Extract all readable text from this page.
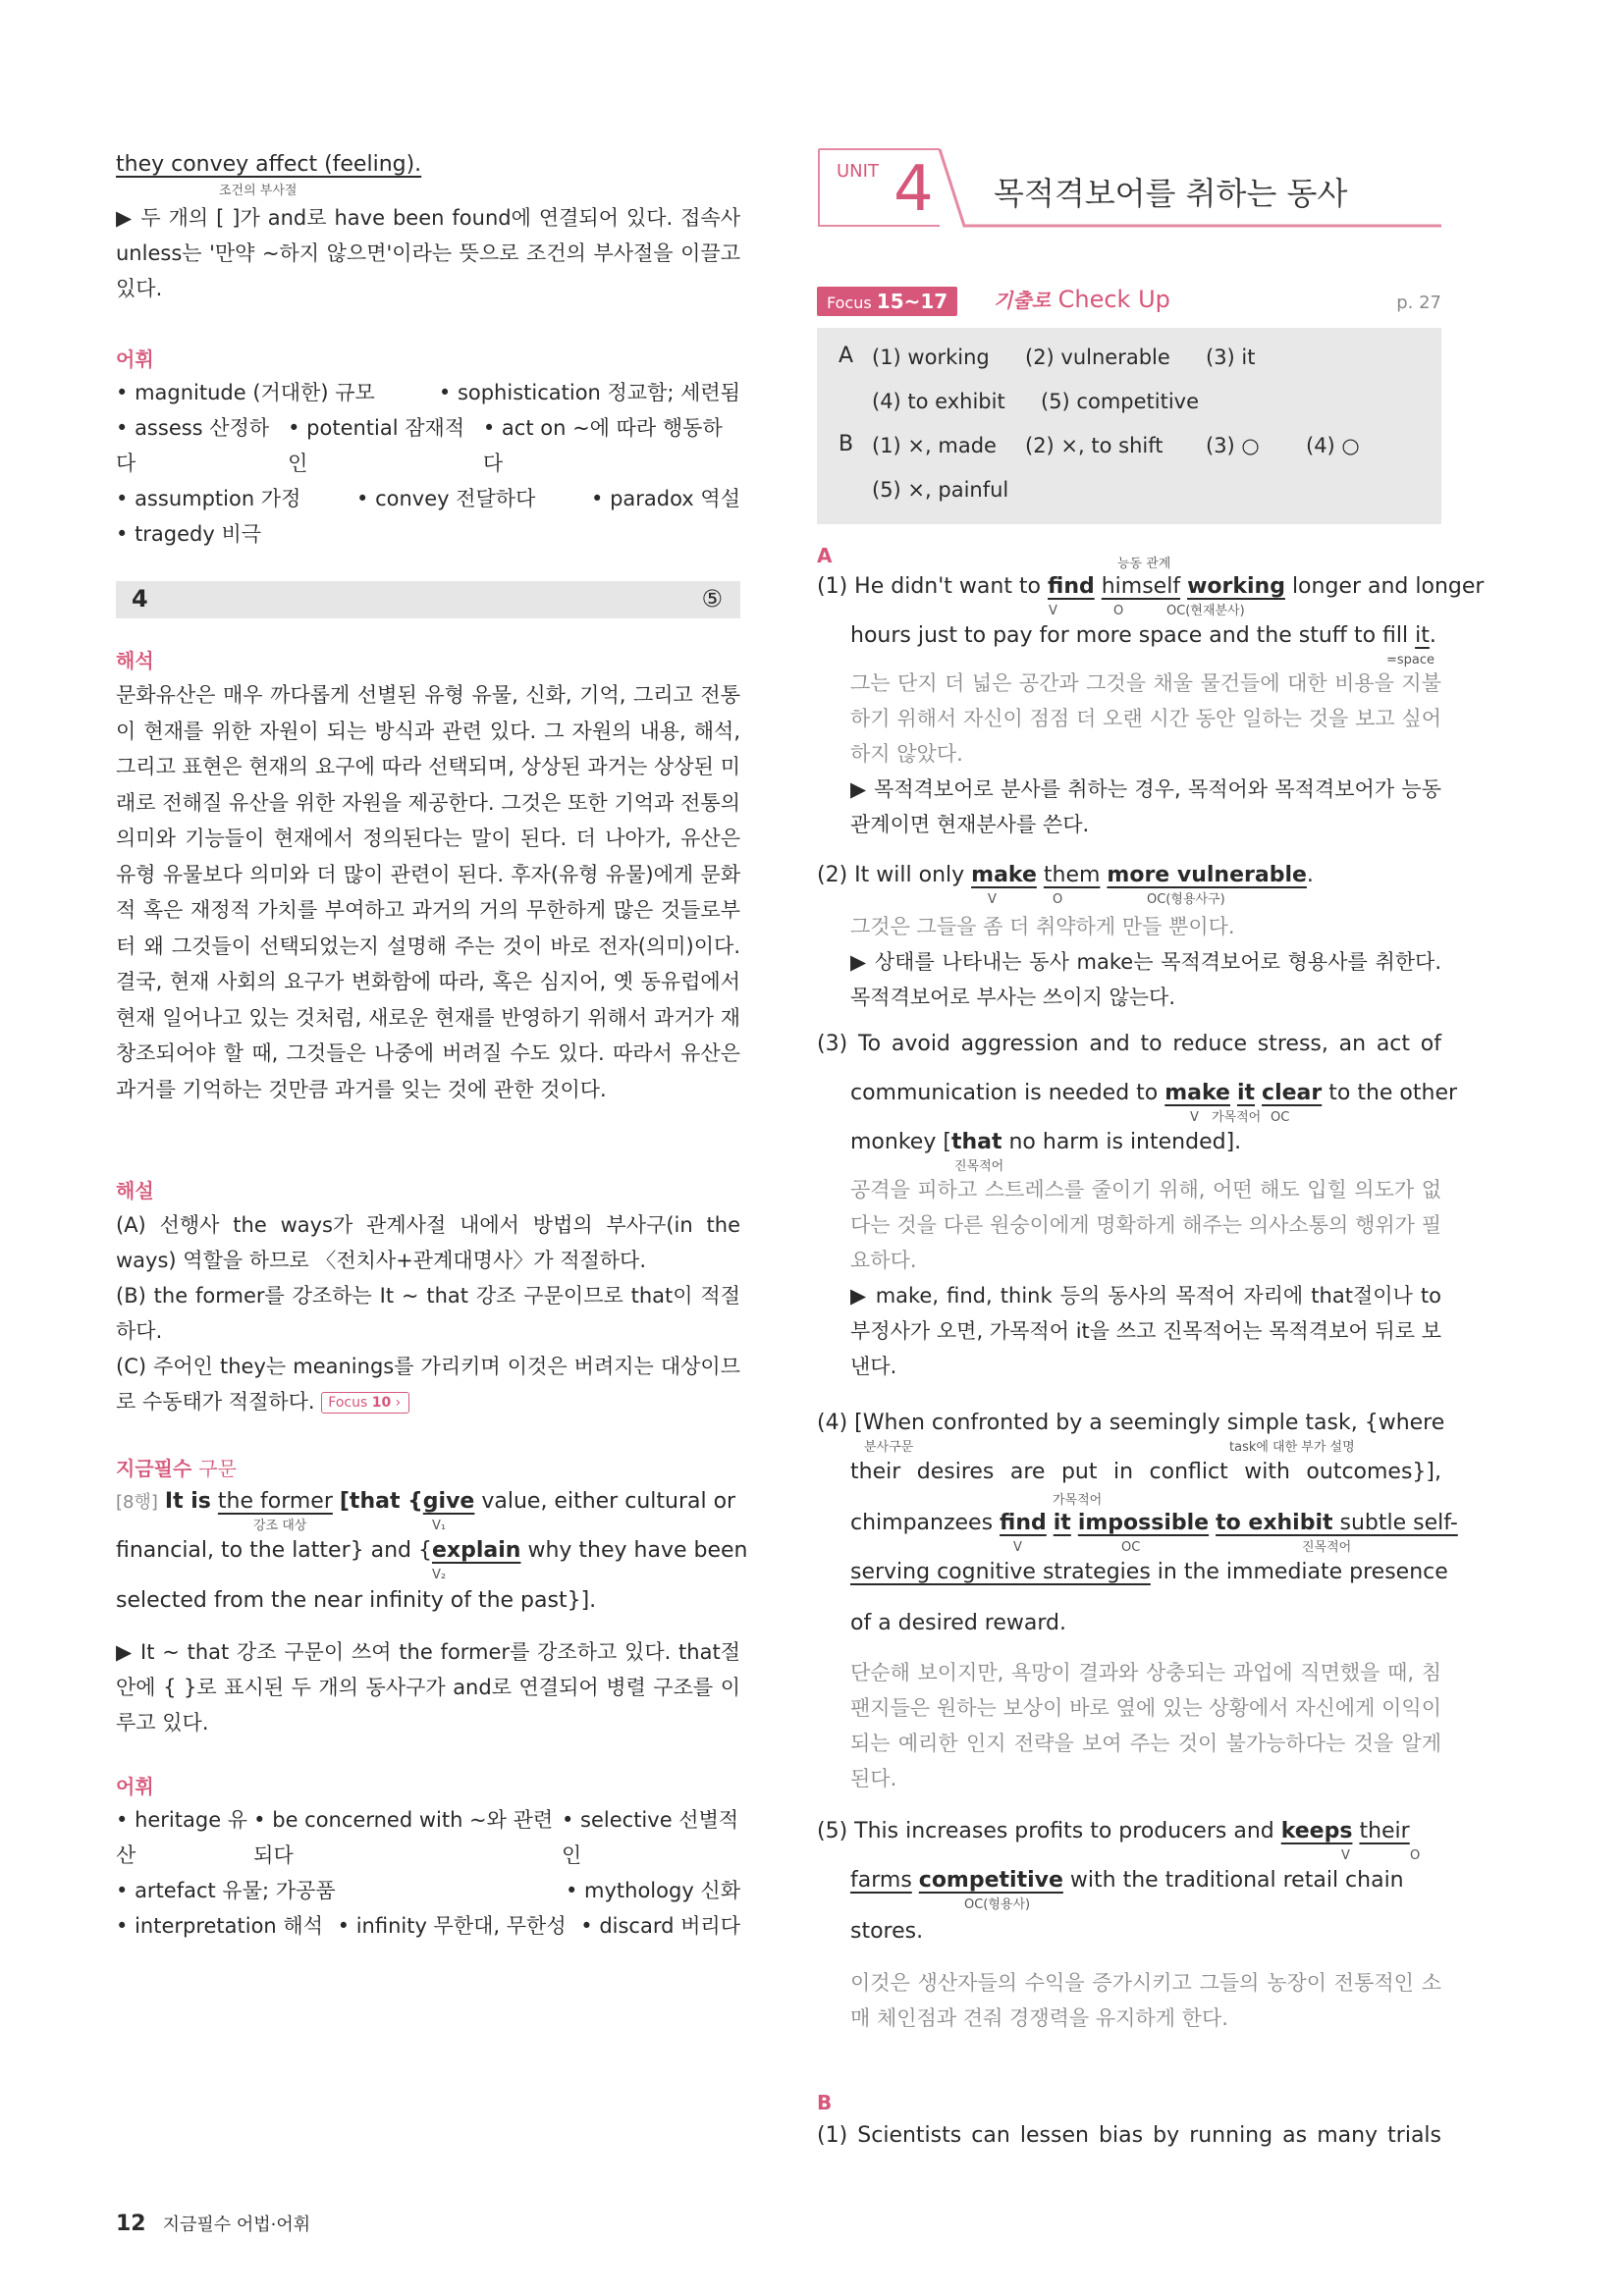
they convey affect (feeling).
조건의 부사절
▶ 두 개의 [ ]가 and로 have been found에 연결되어 있다. 접속사 unless는 '만약 ~하지 않으면'이라는 뜻으로 조건의 부사절을 이끌고 있다.
어휘
• magnitude (거대한) 규모	• sophistication 정교함; 세련됨
• assess 산정하다
• potential 잠재적인
• act on ~에 따라 행동하다
• assumption 가정	• convey 전달하다	• paradox 역설
• tragedy 비극
4	⑤
해석
문화유산은 매우 까다롭게 선별된 유형 유물, 신화, 기억, 그리고 전통이 현재를 위한 자원이 되는 방식과 관련 있다. 그 자원의 내용, 해석, 그리고 표현은 현재의 요구에 따라 선택되며, 상상된 과거는 상상된 미래로 전해질 유산을 위한 자원을 제공한다. 그것은 또한 기억과 전통의 의미와 기능들이 현재에서 정의된다는 말이 된다. 더 나아가, 유산은 유형 유물보다 의미와 더 많이 관련이 된다. 후자(유형 유물)에게 문화적 혹은 재정적 가치를 부여하고 과거의 거의 무한하게 많은 것들로부터 왜 그것들이 선택되었는지 설명해 주는 것이 바로 전자(의미)이다. 결국, 현재 사회의 요구가 변화함에 따라, 혹은 심지어, 옛 동유럽에서 현재 일어나고 있는 것처럼, 새로운 현재를 반영하기 위해서 과거가 재창조되어야 할 때, 그것들은 나중에 버려질 수도 있다. 따라서 유산은 과거를 기억하는 것만큼 과거를 잊는 것에 관한 것이다.
해설
(A) 선행사 the ways가 관계사절 내에서 방법의 부사구(in the ways) 역할을 하므로 〈전치사+관계대명사〉가 적절하다.
(B) the former를 강조하는 It ~ that 강조 구문이므로 that이 적절하다.
(C) 주어인 they는 meanings를 가리키며 이것은 버려지는 대상이므로 수동태가 적절하다. Focus 10 ›
지금필수 구문
[8행] It is the former [that {give value, either cultural or
강조 대상	V₁
financial, to the latter} and {explain why they have been
V₂
selected from the near infinity of the past}].
▶ It ~ that 강조 구문이 쓰여 the former를 강조하고 있다. that절 안에 { }로 표시된 두 개의 동사구가 and로 연결되어 병렬 구조를 이루고 있다.
어휘
• heritage 유산
• be concerned with ~와 관련되다
• selective 선별적인
• artefact 유물; 가공품	• mythology 신화
• interpretation 해석 • infinity 무한대, 무한성 • discard 버리다
UNIT 4 목적격보어를 취하는 동사
Focus 15~17	기출로 Check Up	p. 27
A (1) working (2) vulnerable (3) it
(4) to exhibit (5) competitive
B (1) ×, made (2) ×, to shift (3) ○ (4) ○
(5) ×, painful
A	능동 관계
(1) He didn't want to find himself working longer and longer
V	O	OC(현재분사)
hours just to pay for more space and the stuff to fill it.
=space
그는 단지 더 넓은 공간과 그것을 채울 물건들에 대한 비용을 지불하기 위해서 자신이 점점 더 오랜 시간 동안 일하는 것을 보고 싶어 하지 않았다.
▶ 목적격보어로 분사를 취하는 경우, 목적어와 목적격보어가 능동 관계이면 현재분사를 쓴다.
(2) It will only make them more vulnerable.
V	O	OC(형용사구)
그것은 그들을 좀 더 취약하게 만들 뿐이다.
▶ 상태를 나타내는 동사 make는 목적격보어로 형용사를 취한다. 목적격보어로 부사는 쓰이지 않는다.
(3) To avoid aggression and to reduce stress, an act of
communication is needed to make it clear to the other
V 가목적어 OC
monkey [that no harm is intended].
진목적어
공격을 피하고 스트레스를 줄이기 위해, 어떤 해도 입힐 의도가 없다는 것을 다른 원숭이에게 명확하게 해주는 의사소통의 행위가 필요하다.
▶ make, find, think 등의 동사의 목적어 자리에 that절이나 to부정사가 오면, 가목적어 it을 쓰고 진목적어는 목적격보어 뒤로 보낸다.
(4) [When confronted by a seemingly simple task, {where
분사구문	task에 대한 부가 설명
their desires are put in conflict with outcomes}],
가목적어
chimpanzees find it impossible to exhibit subtle self-
V	OC	진목적어
serving cognitive strategies in the immediate presence
of a desired reward.
단순해 보이지만, 욕망이 결과와 상충되는 과업에 직면했을 때, 침팬지들은 원하는 보상이 바로 옆에 있는 상황에서 자신에게 이익이 되는 예리한 인지 전략을 보여 주는 것이 불가능하다는 것을 알게 된다.
(5) This increases profits to producers and keeps their
V	O
farms competitive with the traditional retail chain
OC(형용사)
stores.
이것은 생산자들의 수익을 증가시키고 그들의 농장이 전통적인 소매 체인점과 견줘 경쟁력을 유지하게 한다.
B
(1) Scientists can lessen bias by running as many trials
12 지금필수 어법·어휘
